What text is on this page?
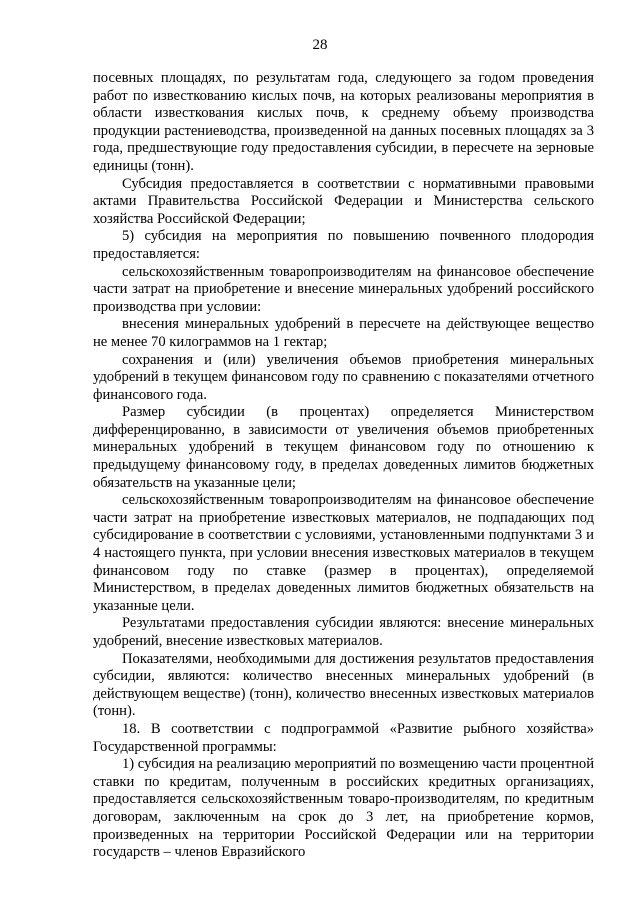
28

посевных площадях, по результатам года, следующего за годом проведения работ по известкованию кислых почв, на которых реализованы мероприятия в области известкования кислых почв, к среднему объему производства продукции растениеводства, произведенной на данных посевных площадях за 3 года, предшествующие году предоставления субсидии, в пересчете на зерновые единицы (тонн).

Субсидия предоставляется в соответствии с нормативными правовыми актами Правительства Российской Федерации и Министерства сельского хозяйства Российской Федерации;

5) субсидия на мероприятия по повышению почвенного плодородия предоставляется:

сельскохозяйственным товаропроизводителям на финансовое обеспечение части затрат на приобретение и внесение минеральных удобрений российского производства при условии:

внесения минеральных удобрений в пересчете на действующее вещество не менее 70 килограммов на 1 гектар;

сохранения и (или) увеличения объемов приобретения минеральных удобрений в текущем финансовом году по сравнению с показателями отчетного финансового года.

Размер субсидии (в процентах) определяется Министерством дифференцированно, в зависимости от увеличения объемов приобретенных минеральных удобрений в текущем финансовом году по отношению к предыдущему финансовому году, в пределах доведенных лимитов бюджетных обязательств на указанные цели;

сельскохозяйственным товаропроизводителям на финансовое обеспечение части затрат на приобретение известковых материалов, не подпадающих под субсидирование в соответствии с условиями, установленными подпунктами 3 и 4 настоящего пункта, при условии внесения известковых материалов в текущем финансовом году по ставке (размер в процентах), определяемой Министерством, в пределах доведенных лимитов бюджетных обязательств на указанные цели.

Результатами предоставления субсидии являются: внесение минеральных удобрений, внесение известковых материалов.

Показателями, необходимыми для достижения результатов предоставления субсидии, являются: количество внесенных минеральных удобрений (в действующем веществе) (тонн), количество внесенных известковых материалов (тонн).

18. В соответствии с подпрограммой «Развитие рыбного хозяйства» Государственной программы:

1) субсидия на реализацию мероприятий по возмещению части процентной ставки по кредитам, полученным в российских кредитных организациях, предоставляется сельскохозяйственным товаро-производителям, по кредитным договорам, заключенным на срок до 3 лет, на приобретение кормов, произведенных на территории Российской Федерации или на территории государств – членов Евразийского
